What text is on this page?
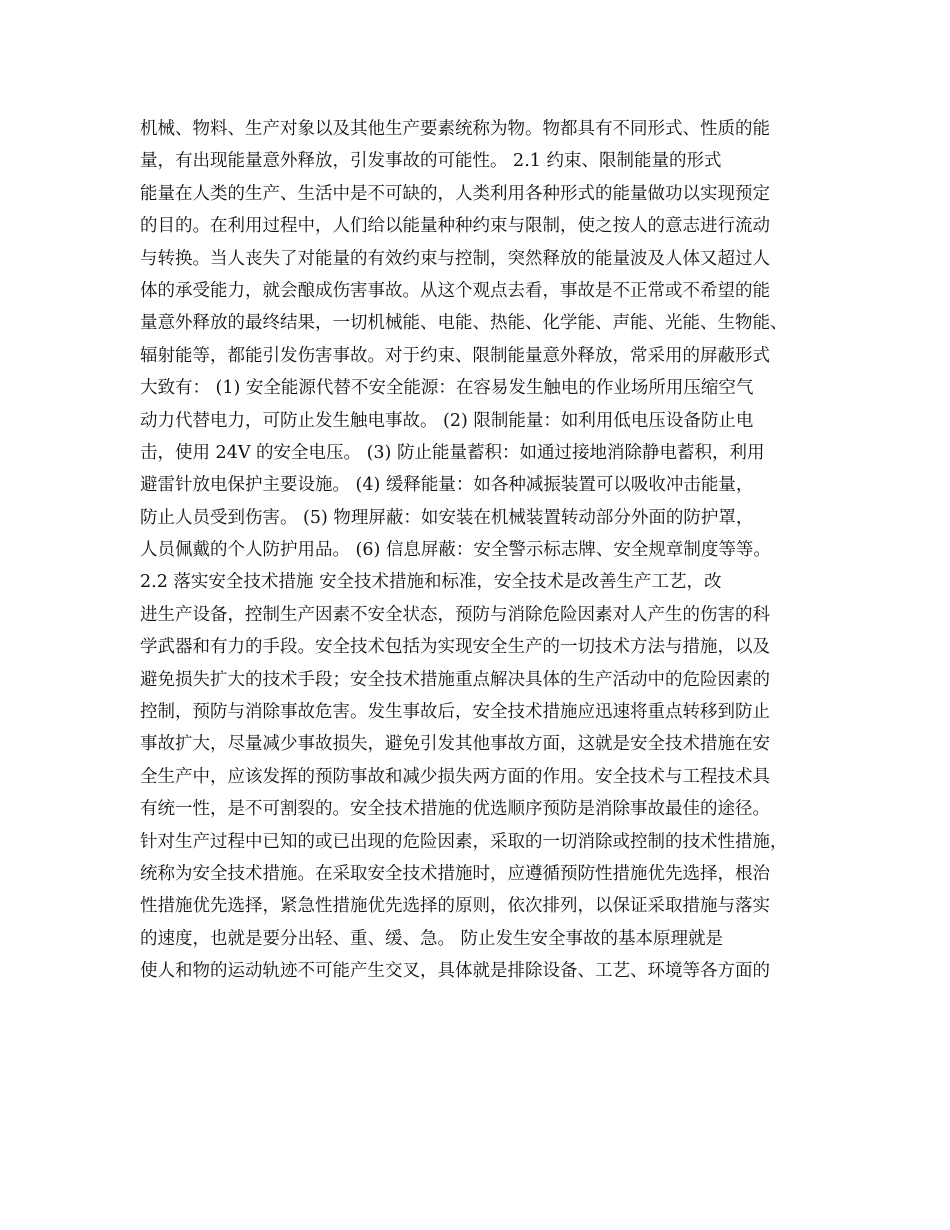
机械、物料、生产对象以及其他生产要素统称为物。物都具有不同形式、性质的能
量，有出现能量意外释放，引发事故的可能性。 2.1 约束、限制能量的形式
能量在人类的生产、生活中是不可缺的，人类利用各种形式的能量做功以实现预定
的目的。在利用过程中，人们给以能量种种约束与限制，使之按人的意志进行流动
与转换。当人丧失了对能量的有效约束与控制，突然释放的能量波及人体又超过人
体的承受能力，就会酿成伤害事故。从这个观点去看，事故是不正常或不希望的能
量意外释放的最终结果，一切机械能、电能、热能、化学能、声能、光能、生物能、
辐射能等，都能引发伤害事故。对于约束、限制能量意外释放，常采用的屏蔽形式
大致有： (1) 安全能源代替不安全能源：在容易发生触电的作业场所用压缩空气
动力代替电力，可防止发生触电事故。 (2) 限制能量：如利用低电压设备防止电
击，使用 24V 的安全电压。 (3) 防止能量蓄积：如通过接地消除静电蓄积，利用
避雷针放电保护主要设施。 (4) 缓释能量：如各种减振装置可以吸收冲击能量，
防止人员受到伤害。 (5) 物理屏蔽：如安装在机械装置转动部分外面的防护罩，
人员佩戴的个人防护用品。 (6) 信息屏蔽：安全警示标志牌、安全规章制度等等。
2.2 落实安全技术措施 安全技术措施和标准，安全技术是改善生产工艺，改
进生产设备，控制生产因素不安全状态，预防与消除危险因素对人产生的伤害的科
学武器和有力的手段。安全技术包括为实现安全生产的一切技术方法与措施，以及
避免损失扩大的技术手段；安全技术措施重点解决具体的生产活动中的危险因素的
控制，预防与消除事故危害。发生事故后，安全技术措施应迅速将重点转移到防止
事故扩大，尽量减少事故损失，避免引发其他事故方面，这就是安全技术措施在安
全生产中，应该发挥的预防事故和减少损失两方面的作用。安全技术与工程技术具
有统一性，是不可割裂的。安全技术措施的优选顺序预防是消除事故最佳的途径。
针对生产过程中已知的或已出现的危险因素，采取的一切消除或控制的技术性措施，
统称为安全技术措施。在采取安全技术措施时，应遵循预防性措施优先选择，根治
性措施优先选择，紧急性措施优先选择的原则，依次排列，以保证采取措施与落实
的速度，也就是要分出轻、重、缓、急。 防止发生安全事故的基本原理就是
使人和物的运动轨迹不可能产生交叉，具体就是排除设备、工艺、环境等各方面的
